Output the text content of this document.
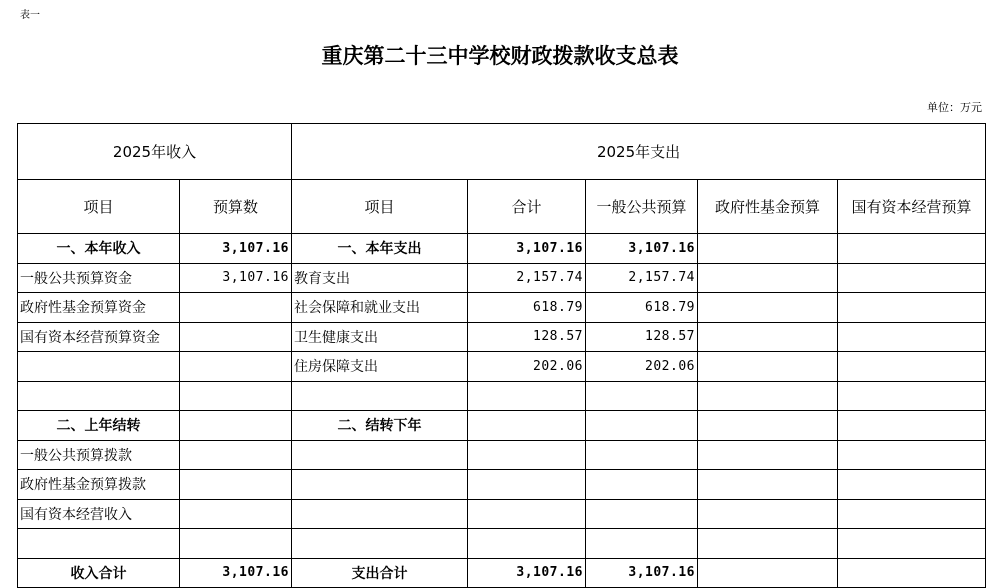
表一
重庆第二十三中学校财政拨款收支总表
单位：万元
2025年收入		2025年支出				
项目	预算数	项目	合计	一般公共预算	政府性基金预算	国有资本经营预算
一、本年收入	3,107.16	一、本年支出	3,107.16	3,107.16		
一般公共预算资金	3,107.16	教育支出	2,157.74	2,157.74		
政府性基金预算资金		社会保障和就业支出	618.79	618.79		
国有资本经营预算资金		卫生健康支出	128.57	128.57		
		住房保障支出	202.06	202.06		

二、上年结转		二、结转下年				
一般公共预算拨款						
政府性基金预算拨款						
国有资本经营收入						

收入合计	3,107.16	支出合计	3,107.16	3,107.16		
